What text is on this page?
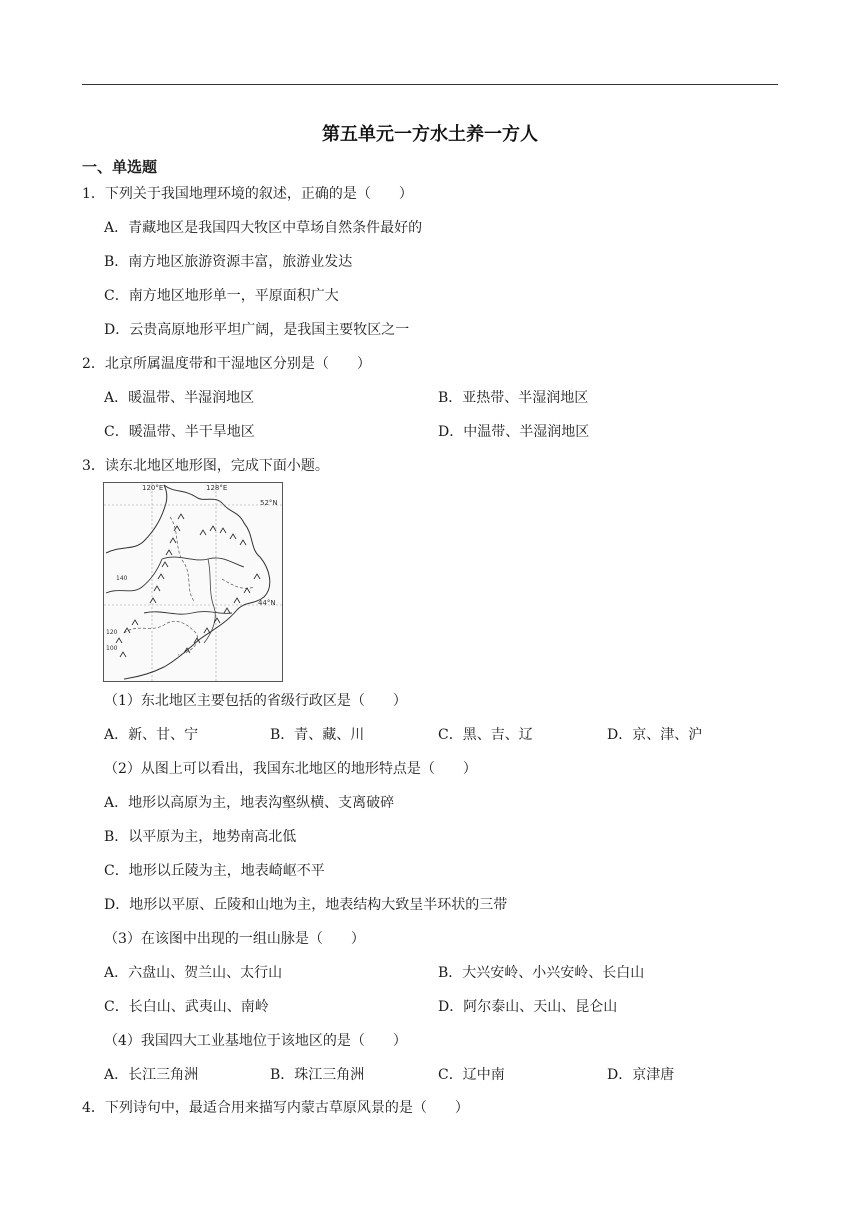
第五单元一方水土养一方人
一、单选题
1．下列关于我国地理环境的叙述，正确的是（　　）
A．青藏地区是我国四大牧区中草场自然条件最好的
B．南方地区旅游资源丰富，旅游业发达
C．南方地区地形单一，平原面积广大
D．云贵高原地形平坦广阔，是我国主要牧区之一
2．北京所属温度带和干湿地区分别是（　　）
A．暖温带、半湿润地区	B．亚热带、半湿润地区
C．暖温带、半干旱地区	D．中温带、半湿润地区
3．读东北地区地形图，完成下面小题。
120°E	128°E
52°N
44°N
140
120
100
（1）东北地区主要包括的省级行政区是（　　）
A．新、甘、宁	B．青、藏、川	C．黑、吉、辽	D．京、津、沪
（2）从图上可以看出，我国东北地区的地形特点是（　　）
A．地形以高原为主，地表沟壑纵横、支离破碎
B．以平原为主，地势南高北低
C．地形以丘陵为主，地表崎岖不平
D．地形以平原、丘陵和山地为主，地表结构大致呈半环状的三带
（3）在该图中出现的一组山脉是（　　）
A．六盘山、贺兰山、太行山	B．大兴安岭、小兴安岭、长白山
C．长白山、武夷山、南岭	D．阿尔泰山、天山、昆仑山
（4）我国四大工业基地位于该地区的是（　　）
A．长江三角洲	B．珠江三角洲	C．辽中南	D．京津唐
4．下列诗句中，最适合用来描写内蒙古草原风景的是（　　）
